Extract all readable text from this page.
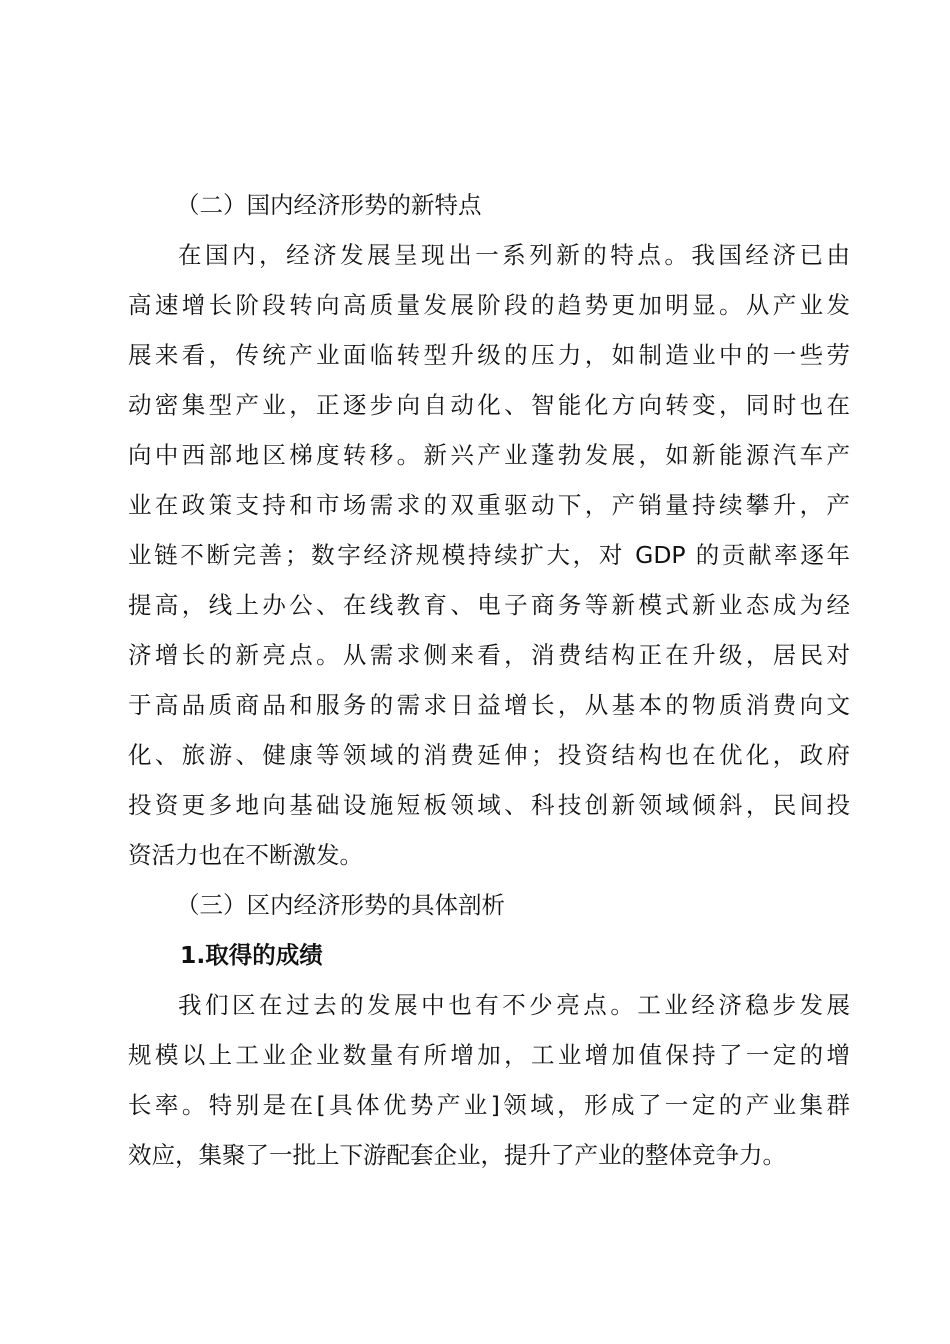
（二）国内经济形势的新特点
在国内，经济发展呈现出一系列新的特点。我国经济已由
高速增长阶段转向高质量发展阶段的趋势更加明显。从产业发
展来看，传统产业面临转型升级的压力，如制造业中的一些劳
动密集型产业，正逐步向自动化、智能化方向转变，同时也在
向中西部地区梯度转移。新兴产业蓬勃发展，如新能源汽车产
业在政策支持和市场需求的双重驱动下，产销量持续攀升，产
业链不断完善；数字经济规模持续扩大，对 GDP 的贡献率逐年
提高，线上办公、在线教育、电子商务等新模式新业态成为经
济增长的新亮点。从需求侧来看，消费结构正在升级，居民对
于高品质商品和服务的需求日益增长，从基本的物质消费向文
化、旅游、健康等领域的消费延伸；投资结构也在优化，政府
投资更多地向基础设施短板领域、科技创新领域倾斜，民间投
资活力也在不断激发。
（三）区内经济形势的具体剖析
1.取得的成绩
我们区在过去的发展中也有不少亮点。工业经济稳步发展
规模以上工业企业数量有所增加，工业增加值保持了一定的增
长率。特别是在[具体优势产业]领域，形成了一定的产业集群
效应，集聚了一批上下游配套企业，提升了产业的整体竞争力。
